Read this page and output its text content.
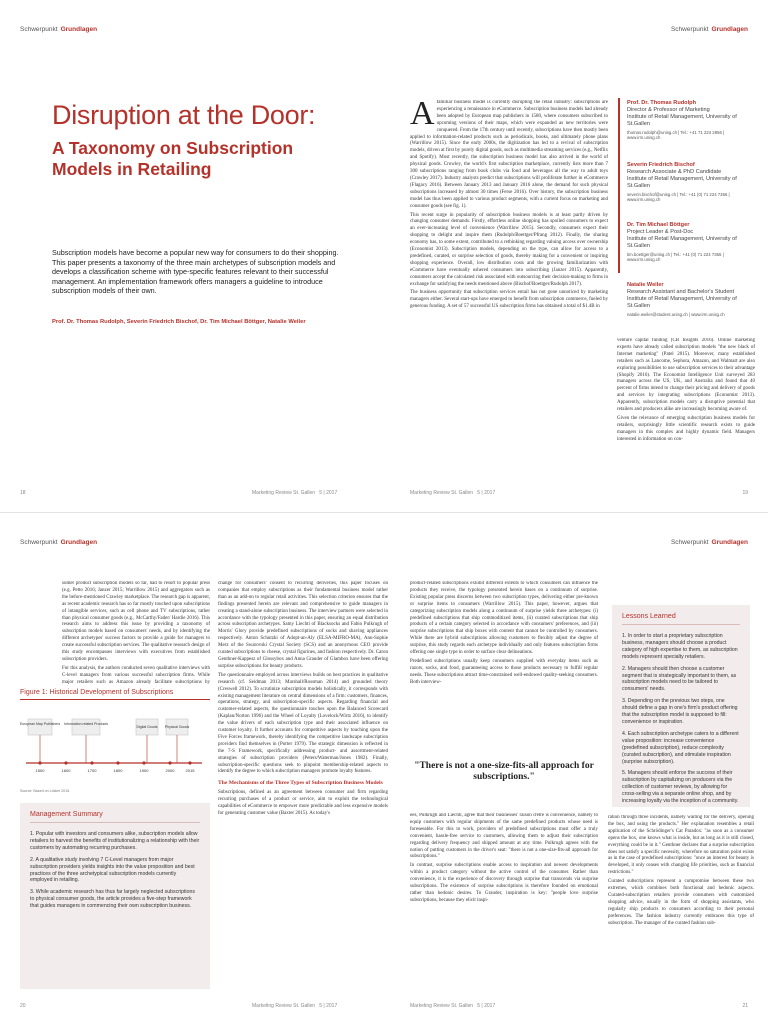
Schwerpunkt Grundlagen	Schwerpunkt Grundlagen
Disruption at the Door:
A Taxonomy on Subscription Models in Retailing

Subscription models have become a popular new way for consumers to do their shopping. This paper presents a taxonomy of the three main archetypes of subscription models and develops a classification scheme with type-specific features relevant to their successful management. An implementation framework offers managers a guideline to introduce subscription models of their own.

Prof. Dr. Thomas Rudolph, Severin Friedrich Bischof, Dr. Tim Michael Böttger, Natalie Weiler

Afamiliar business model is currently disrupting the retail industry: subscriptions are experiencing a renaissance in eCommerce. Subscription business models had already been adopted by European map publishers in 1580, where consumers subscribed to upcoming versions of their maps, which were expanded as new territories were conquered. From the 17th century until recently, subscriptions have then mostly been applied to information-related products such as periodicals, books, and ultimately phone plans (Warrillow 2015). Since the early 2000s, the digitization has led to a revival of subscription models, driven at first by purely digital goods, such as multimedia streaming services (e.g., Netflix and Spotify). Most recently, the subscription business model has also arrived in the world of physical goods. Crowley, the world's first subscription marketplace, currently lists more than 7 300 subscriptions ranging from book clubs via food and beverages all the way to adult toys (Crawley 2017). Industry analysts predict that subscriptions will proliferate further in eCommerce (Flagacy 2016). Between January 2013 and January 2016 alone, the demand for such physical subscriptions increased by almost 30 times (Ferse 2016). Over history, the subscription business model has thus been applied to various product segments, with a current focus on marketing and consumer goods (see fig. 1).

This recent surge in popularity of subscription business models is at least partly driven by changing consumer demands. Firstly, effortless online shopping has spoiled consumers to expect an ever-increasing level of convenience (Warrillow 2015). Secondly, consumers expect their shopping to delight and inspire them (Rudolph/Boettger/Pfrang 2012). Finally, the sharing economy has, to some extent, contributed to a rethinking regarding valuing access over ownership (Economist 2013). Subscription models, depending on the type, can allow for access to a predefined, curated, or surprise selection of goods, thereby making for a convenient or inspiring shopping experience. Overall, low distribution costs and the growing familiarization with eCommerce have eventually ushered consumers into subscribing (Janzer 2015). Apparently, consumers accept the calculated risk associated with outsourcing their decision-making to firms in exchange for satisfying the needs mentioned above (Bischof/Boettger/Rudolph 2017).

The business opportunity that subscription services entail has not gone unnoticed by marketing managers either. Several start-ups have emerged to benefit from subscription commerce, fueled by generous funding. A set of 57 successful US subscription firms has obtained a total of $1.4B in

Prof. Dr. Thomas Rudolph
Director & Professor of Marketing
Institute of Retail Management, University of St.Gallen
thomas.rudolph@unisg.ch | Tel.: +41 71 224 2856 | www.irm.unisg.ch
Severin Friedrich Bischof
Research Associate & PhD Candidate
Institute of Retail Management, University of St.Gallen
severin.bischof@unisg.ch | Tel.: +41 (0) 71 224 7366 | www.irm.unisg.ch
Dr. Tim Michael Böttger
Project Leader & Post-Doc
Institute of Retail Management, University of St.Gallen
tim.boettger@unisg.ch | Tel.: +41 (0) 71 224 7365 | www.irm.unisg.ch
Natalie Weiler
Research Assistant and Bachelor's Student
Institute of Retail Management, University of St.Gallen
natalie.weiler@student.unisg.ch | www.irm.unisg.ch

venture capital funding (CB Insights 2016). Online marketing experts have already called subscription models "the new black of Internet marketing" (Patel 2015). Moreover, many established retailers such as Lancome, Sephora, Amazon, and Walmart are also exploring possibilities to use subscription services to their advantage (Shopify 2016). The Economist Intelligence Unit surveyed 283 managers across the US, UK, and Australia and found that 40 percent of firms intend to change their pricing and delivery of goods and services by integrating subscriptions (Economist 2013). Apparently, subscription models carry a disruptive potential that retailers and producers alike are increasingly becoming aware of.

Given the relevance of emerging subscription business models for retailers, surprisingly little scientific research exists to guide managers in this complex and highly dynamic field. Managers interested in information on con-

18	Marketing Review St. Gallen 5 | 2017	Marketing Review St. Gallen 5 | 2017	19
Schwerpunkt Grundlagen	Schwerpunkt Grundlagen

sumer product subscription models so far, had to resort to popular press (e.g. Petto 2016; Janzer 2015; Warrillow 2015) and aggregators such as the before-mentioned Crawley marketplace. The research gap is apparent, as recent academic research has so far mostly touched upon subscriptions of intangible services, such as cell phone and TV subscriptions, rather than physical consumer goods (e.g., McCarthy/Fader/ Hardie 2016). This research aims to address this issue by providing a taxonomy of subscription models based on consumers' needs, and by identifying the different archetypes' success factors to provide a guide for managers to create successful subscription services. The qualitative research design of this study encompasses interviews with executives from established subscription providers.

For this analysis, the authors conducted seven qualitative interviews with C-level managers from various successful subscription firms. While major retailers such as Amazon already facilitate subscriptions by

Figure 1: Historical Development of Subscriptions
European Map Publishers Information related Products
Digital Goods Physical Goods
1500	1600	1700	1800	1900	2000	2015
Source: Based on Lösleri 2015.
Management Summary
1. Popular with investors and consumers alike, subscription models allow retailers to harvest the benefits of institutionalizing a relationship with their customers by automating recurring purchases.
2. A qualitative study involving 7 C-Level managers from major subscription providers yields insights into the value proposition and best practices of the three archetypical subscription models currently employed in retailing.
3. While academic research has thus far largely neglected subscriptions to physical consumer goods, the article provides a five-step framework that guides managers in commencing their own subscription business.

change for consumers' consent to recurring deliveries, this paper focuses on companies that employ subscriptions as their fundamental business model rather than as an add-on to regular retail activities. This selection criterion ensures that the findings presented herein are relevant and comprehensive to guide managers in creating a stand-alone subscription business. The interview partners were selected in accordance with the typology presented in this paper, ensuring an equal distribution across subscription archetypes. Samy Liechti of Blacksocks and Fabio Pulkrugh of Morris' Glory provide predefined subscriptions of socks and shaving appliances respectively. Anton Schutzki of Adopt-an-Aly (ELSA-MIFRO-MA), Ann-Sophie Merz of the Swarovski Crystal Society (SCS) and an anonymous CEO provide curated subscriptions to cheese, crystal figurines, and fashion respectively. Dr. Caron Genthner-Kappesz of Glossybox and Anna Grauder of Glambox have been offering surprise subscriptions for beauty products.

The questionnaire employed across interviews builds on best practices in qualitative research (cf. Seidman 2013; Marshall/Rossman 2014) and grounded theory (Creswell 2012). To scrutinize subscription models holistically, it corresponds with existing management literature on central dimensions of a firm: customers, finances, operations, strategy, and subscription-specific aspects. Regarding financial and customer-related aspects, the questionnaire touches upon the Balanced Scorecard (Kaplan/Norton 1996) and the Wheel of Loyalty (Lovelock/Wirtz 2016), to identify the value drivers of each subscription type and their associated influence on customer loyalty. It further accounts for competitive aspects by touching upon the Five Forces framework, thereby identifying the competitive landscape subscription providers find themselves in (Porter 1979). The strategic dimension is reflected in the 7-S Framework, specifically addressing product- and assortment-related strategies of subscription providers (Peters/Waterman/Jones 1982). Finally, subscription-specific questions seek to pinpoint membership-related aspects to identify the degree to which subscription managers promote loyalty features.

The Mechanisms of the Three Types of Subscription Business Models

Subscriptions, defined as an agreement between consumer and firm regarding recurring purchases of a product or service, aim to exploit the technological capabilities of eCommerce to empower more predictable and less expensive models for generating customer value (Baxter 2015). As today's

product-related subscriptions exhibit different extents to which consumers can influence the products they receive, the typology presented herein bases on a continuum of surprise. Existing popular press discerns between two subscription types, delivering either pre-known or surprise items to consumers (Warrillow 2015). This paper, however, argues that categorizing subscription models along a continuum of surprise yields three archetypes: (i) predefined subscriptions that ship commoditized items, (ii) curated subscriptions that ship products of a certain category selected in accordance with consumers' preferences, and (iii) surprise subscriptions that ship boxes with content that cannot be controlled by consumers. While there are hybrid subscriptions allowing customers to flexibly adjust the degree of surprise, this study regards each archetype individually and only features subscription firms offering one single type in order to surface clear delineations.

Predefined subscriptions usually keep consumers supplied with everyday items such as razors, socks, and food, guaranteeing access to those products necessary to fulfill regular needs. These subscriptions attract time-constrained well-endowed quality-seeking consumers. Both interview-

"There is not a one-size-fits-all approach for subscriptions."

ees, Pulkrugh and Liechti, agree that their businesses' raison d'être is convenience, namely to equip customers with regular shipments of the same predefined products whose need is foreseeable. For this to work, providers of predefined subscriptions must offer a truly convenient, hassle-free service to customers, allowing them to adjust their subscription regarding delivery frequency and shipped amount at any time. Pulkrugh agrees with the notion of putting customers in the driver's seat: "there is not a one-size-fits-all approach for subscriptions."

In contrast, surprise subscriptions enable access to inspiration and newest developments within a product category without the active control of the consumer. Rather than convenience, it is the experience of discovery through surprise that transcends via surprise subscriptions. The existence of surprise subscriptions is therefore founded on emotional rather than hedonic desires. To Grauder, inspiration is key: "people love surprise subscriptions, because they elicit inspi-

Lessons Learned
1. In order to start a proprietary subscription business, managers should choose a product category of high expertise to them, as subscription models represent specialty retailers.
2. Managers should then choose a customer segment that is strategically important to them, as subscription models need to be tailored to consumers' needs.
3. Depending on the previous two steps, one should define a gap in one's firm's product offering that the subscription model is supposed to fill: convenience or inspiration.
4. Each subscription archetype caters to a different value proposition: increase convenience (predefined subscription), reduce complexity (curated subscription), and stimulate inspiration (surprise subscription).
5. Managers should enforce the success of their subscription by capitalizing on producers via the collection of customer reviews, by allowing for cross-selling via a separate online shop, and by increasing loyalty via the inception of a community.

ration through three incidents, namely waiting for the delivery, opening the box, and using the products." Her explanation resembles a retail application of the Schrödinger's Cat Paradox: "as soon as a consumer opens the box, one knows what is inside, but as long as it is still closed, everything could be in it." Genthner declares that a surprise subscription does not satisfy a specific necessity, wherefore no saturation point exists as in the case of predefined subscriptions: "once an interest for beauty is developed, it only ceases with changing life priorities, such as financial restrictions."

Curated subscriptions represent a compromise between these two extremes, which combines both functional and hedonic aspects. Curated-subscription retailers provide consumers with customized shopping advice, usually in the form of shopping assistants, who regularly ship products to consumers according to their personal preferences. The fashion industry currently embraces this type of subscription. The manager of the curated fashion sub-

20	Marketing Review St. Gallen 5 | 2017	Marketing Review St. Gallen 5 | 2017	21
